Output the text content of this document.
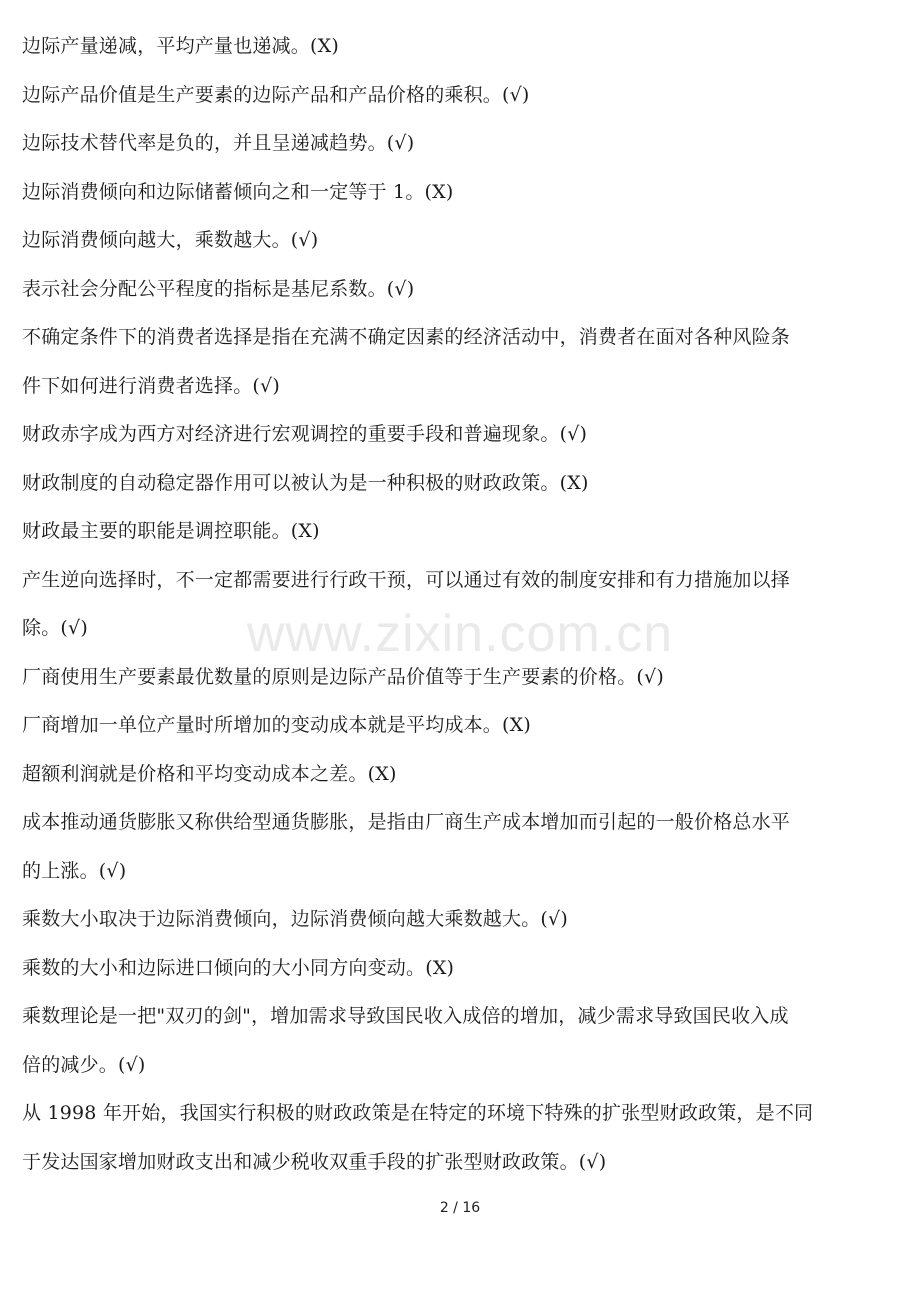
边际产量递减，平均产量也递减。(X)
边际产品价值是生产要素的边际产品和产品价格的乘积。(√)
边际技术替代率是负的，并且呈递减趋势。(√)
边际消费倾向和边际储蓄倾向之和一定等于 1。(X)
边际消费倾向越大，乘数越大。(√)
表示社会分配公平程度的指标是基尼系数。(√)
不确定条件下的消费者选择是指在充满不确定因素的经济活动中，消费者在面对各种风险条
件下如何进行消费者选择。(√)
财政赤字成为西方对经济进行宏观调控的重要手段和普遍现象。(√)
财政制度的自动稳定器作用可以被认为是一种积极的财政政策。(X)
财政最主要的职能是调控职能。(X)
产生逆向选择时，不一定都需要进行行政干预，可以通过有效的制度安排和有力措施加以择
除。(√)
厂商使用生产要素最优数量的原则是边际产品价值等于生产要素的价格。(√)
厂商增加一单位产量时所增加的变动成本就是平均成本。(X)
超额利润就是价格和平均变动成本之差。(X)
成本推动通货膨胀又称供给型通货膨胀，是指由厂商生产成本增加而引起的一般价格总水平
的上涨。(√)
乘数大小取决于边际消费倾向，边际消费倾向越大乘数越大。(√)
乘数的大小和边际进口倾向的大小同方向变动。(X)
乘数理论是一把"双刃的剑"，增加需求导致国民收入成倍的增加，减少需求导致国民收入成
倍的减少。(√)
从 1998 年开始，我国实行积极的财政政策是在特定的环境下特殊的扩张型财政政策，是不同
于发达国家增加财政支出和减少税收双重手段的扩张型财政政策。(√)
www.zixin.com.cn
2 / 16
